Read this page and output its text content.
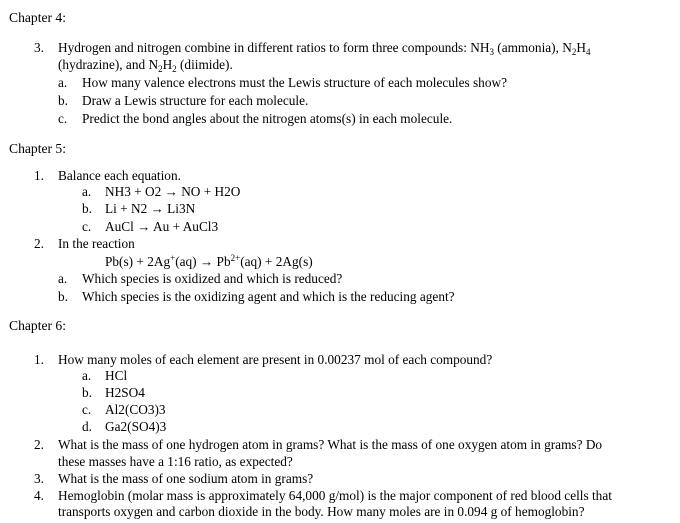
Chapter 4:
3. Hydrogen and nitrogen combine in different ratios to form three compounds: $NH_3$ (ammonia), $N_2H_4$
(hydrazine), and $N_2H_2$ (diimide).
a. How many valence electrons must the Lewis structure of each molecules show?
b. Draw a Lewis structure for each molecule.
c. Predict the bond angles about the nitrogen atoms(s) in each molecule.
Chapter 5:
1. Balance each equation.
a. NH3 + O2 → NO + H2O
b. Li + N2 → Li3N
c. AuCl → Au + AuCl3
2. In the reaction
$Pb(s) + 2Ag^+(aq) \to Pb^{2+}(aq) + 2Ag(s)$
a. Which species is oxidized and which is reduced?
b. Which species is the oxidizing agent and which is the reducing agent?
Chapter 6:
1. How many moles of each element are present in 0.00237 mol of each compound?
a. HCl
b. H2SO4
c. Al2(CO3)3
d. Ga2(SO4)3
2. What is the mass of one hydrogen atom in grams? What is the mass of one oxygen atom in grams? Do
these masses have a 1:16 ratio, as expected?
3. What is the mass of one sodium atom in grams?
4. Hemoglobin (molar mass is approximately 64,000 g/mol) is the major component of red blood cells that
transports oxygen and carbon dioxide in the body. How many moles are in 0.094 g of hemoglobin?
